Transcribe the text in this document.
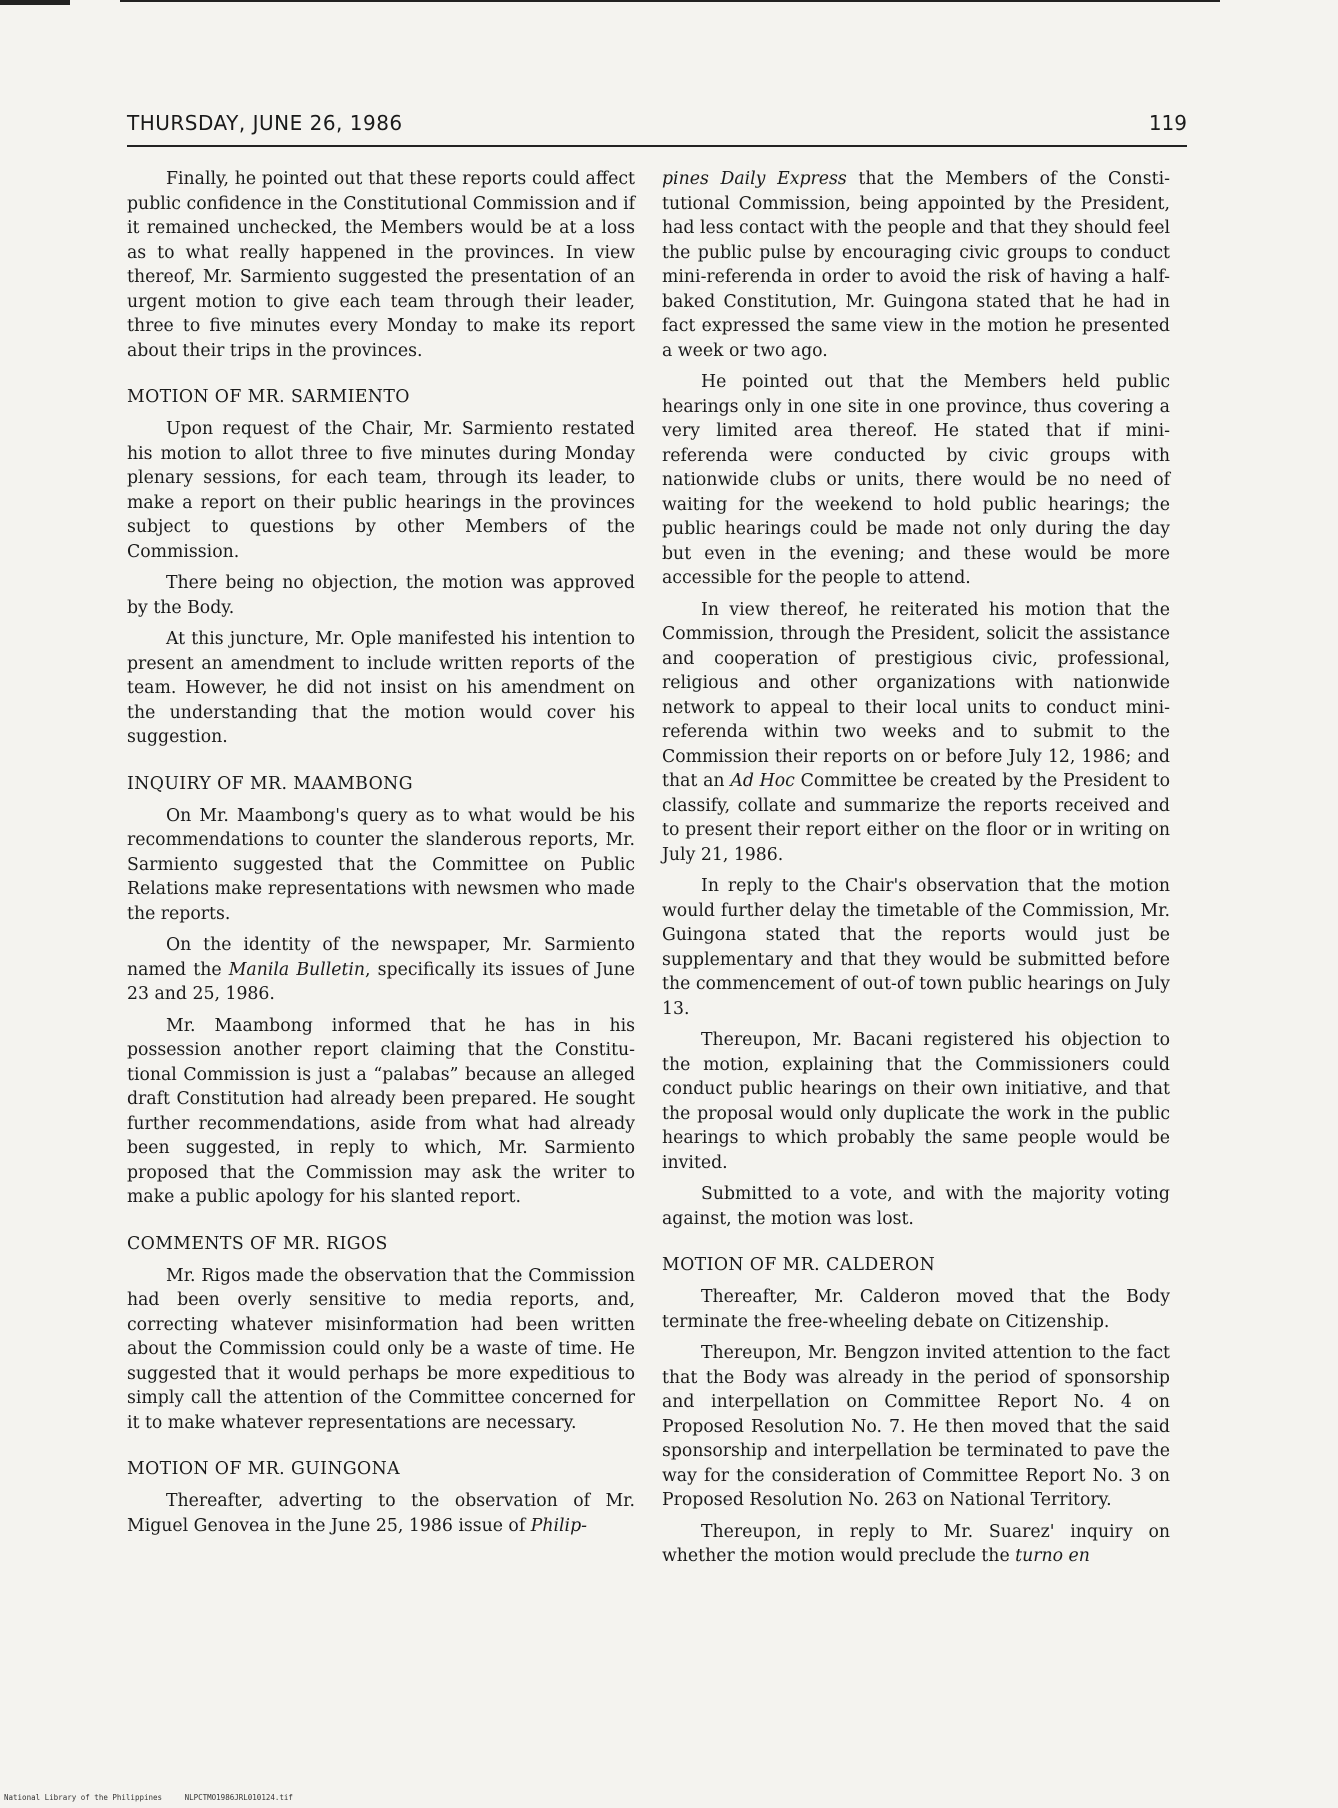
THURSDAY, JUNE 26, 1986	119

Finally, he pointed out that these reports could affect public confidence in the Constitutional Commission and if it remained unchecked, the Members would be at a loss as to what really happened in the provinces. In view thereof, Mr. Sarmiento suggested the presentation of an urgent motion to give each team through their leader, three to five minutes every Monday to make its report about their trips in the provinces.

MOTION OF MR. SARMIENTO

Upon request of the Chair, Mr. Sarmiento restated his motion to allot three to five minutes during Monday plenary sessions, for each team, through its leader, to make a report on their public hearings in the provinces subject to questions by other Members of the Commission.

There being no objection, the motion was approved by the Body.

At this juncture, Mr. Ople manifested his intention to present an amendment to include written reports of the team. However, he did not insist on his amendment on the understanding that the motion would cover his suggestion.

INQUIRY OF MR. MAAMBONG

On Mr. Maambong's query as to what would be his recommendations to counter the slanderous reports, Mr. Sarmiento suggested that the Committee on Public Relations make representations with newsmen who made the reports.

On the identity of the newspaper, Mr. Sarmiento named the Manila Bulletin, specifically its issues of June 23 and 25, 1986.

Mr. Maambong informed that he has in his possession another report claiming that the Constitutional Commission is just a “palabas” because an alleged draft Constitution had already been prepared. He sought further recommendations, aside from what had already been suggested, in reply to which, Mr. Sarmiento proposed that the Commission may ask the writer to make a public apology for his slanted report.

COMMENTS OF MR. RIGOS

Mr. Rigos made the observation that the Commission had been overly sensitive to media reports, and, correcting whatever misinformation had been written about the Commission could only be a waste of time. He suggested that it would perhaps be more expeditious to simply call the attention of the Committee concerned for it to make whatever representations are necessary.

MOTION OF MR. GUINGONA

Thereafter, adverting to the observation of Mr. Miguel Genovea in the June 25, 1986 issue of Philip-

pines Daily Express that the Members of the Constitutional Commission, being appointed by the President, had less contact with the people and that they should feel the public pulse by encouraging civic groups to conduct mini-referenda in order to avoid the risk of having a half-baked Constitution, Mr. Guingona stated that he had in fact expressed the same view in the motion he presented a week or two ago.

He pointed out that the Members held public hearings only in one site in one province, thus covering a very limited area thereof. He stated that if mini-referenda were conducted by civic groups with nationwide clubs or units, there would be no need of waiting for the weekend to hold public hearings; the public hearings could be made not only during the day but even in the evening; and these would be more accessible for the people to attend.

In view thereof, he reiterated his motion that the Commission, through the President, solicit the assistance and cooperation of prestigious civic, professional, religious and other organizations with nationwide network to appeal to their local units to conduct mini-referenda within two weeks and to submit to the Commission their reports on or before July 12, 1986; and that an Ad Hoc Committee be created by the President to classify, collate and summarize the reports received and to present their report either on the floor or in writing on July 21, 1986.

In reply to the Chair's observation that the motion would further delay the timetable of the Commission, Mr. Guingona stated that the reports would just be supplementary and that they would be submitted before the commencement of out-of town public hearings on July 13.

Thereupon, Mr. Bacani registered his objection to the motion, explaining that the Commissioners could conduct public hearings on their own initiative, and that the proposal would only duplicate the work in the public hearings to which probably the same people would be invited.

Submitted to a vote, and with the majority voting against, the motion was lost.

MOTION OF MR. CALDERON

Thereafter, Mr. Calderon moved that the Body terminate the free-wheeling debate on Citizenship.

Thereupon, Mr. Bengzon invited attention to the fact that the Body was already in the period of sponsorship and interpellation on Committee Report No. 4 on Proposed Resolution No. 7. He then moved that the said sponsorship and interpellation be terminated to pave the way for the consideration of Committee Report No. 3 on Proposed Resolution No. 263 on National Territory.

Thereupon, in reply to Mr. Suarez' inquiry on whether the motion would preclude the turno en

National Library of the Philippines	NLPCTMO1986JRL010124.tif
